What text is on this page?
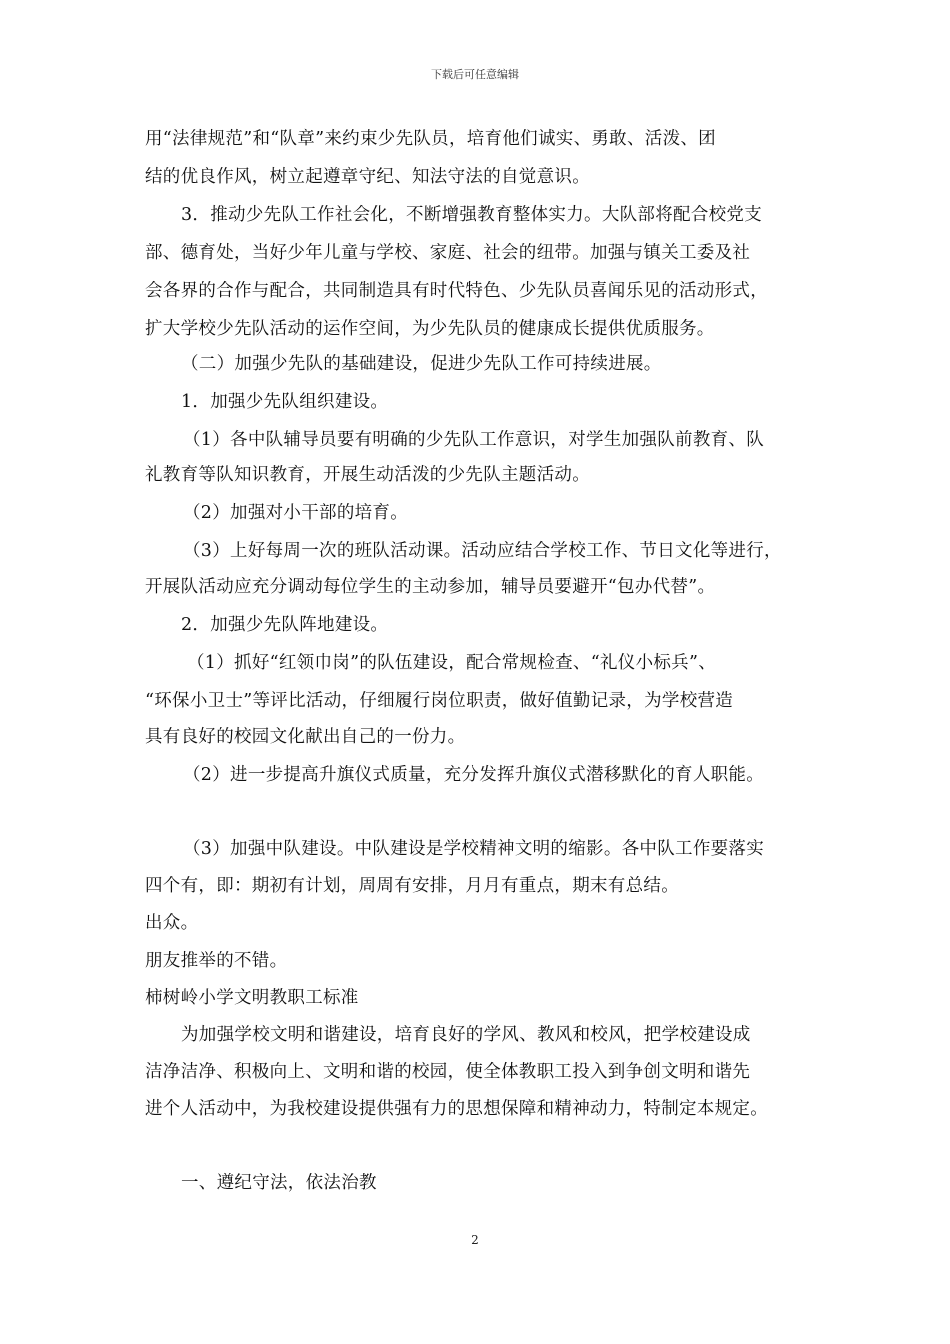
下载后可任意编辑
用“法律规范”和“队章”来约束少先队员，培育他们诚实、勇敢、活泼、团
结的优良作风，树立起遵章守纪、知法守法的自觉意识。
3．推动少先队工作社会化，不断增强教育整体实力。大队部将配合校党支
部、德育处，当好少年儿童与学校、家庭、社会的纽带。加强与镇关工委及社
会各界的合作与配合，共同制造具有时代特色、少先队员喜闻乐见的活动形式，
扩大学校少先队活动的运作空间，为少先队员的健康成长提供优质服务。
（二）加强少先队的基础建设，促进少先队工作可持续进展。
1．加强少先队组织建设。
（1）各中队辅导员要有明确的少先队工作意识，对学生加强队前教育、队
礼教育等队知识教育，开展生动活泼的少先队主题活动。
（2）加强对小干部的培育。
（3）上好每周一次的班队活动课。活动应结合学校工作、节日文化等进行，
开展队活动应充分调动每位学生的主动参加，辅导员要避开“包办代替”。
2．加强少先队阵地建设。
（1）抓好“红领巾岗”的队伍建设，配合常规检查、“礼仪小标兵”、
“环保小卫士”等评比活动，仔细履行岗位职责，做好值勤记录，为学校营造
具有良好的校园文化献出自己的一份力。
（2）进一步提高升旗仪式质量，充分发挥升旗仪式潜移默化的育人职能。
（3）加强中队建设。中队建设是学校精神文明的缩影。各中队工作要落实
四个有，即：期初有计划，周周有安排，月月有重点，期末有总结。
出众。
朋友推举的不错。
柿树岭小学文明教职工标准
为加强学校文明和谐建设，培育良好的学风、教风和校风，把学校建设成
洁净洁净、积极向上、文明和谐的校园，使全体教职工投入到争创文明和谐先
进个人活动中，为我校建设提供强有力的思想保障和精神动力，特制定本规定。
一、遵纪守法，依法治教
2
